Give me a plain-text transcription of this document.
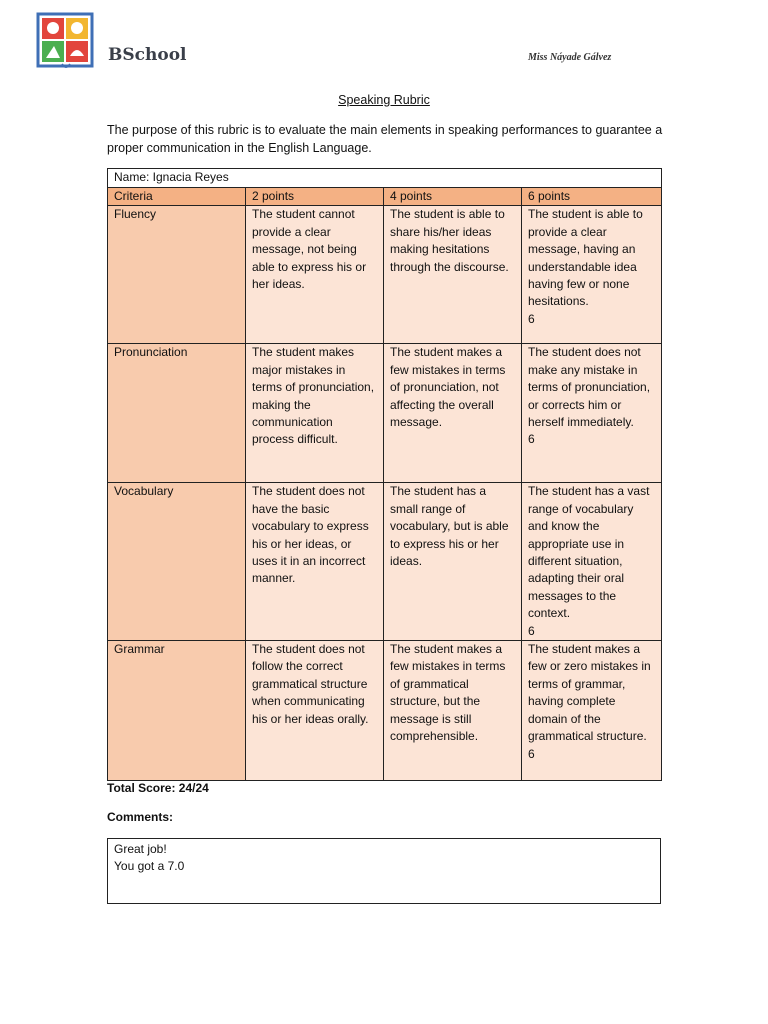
BSchool	Miss Náyade Gálvez
Speaking Rubric
The purpose of this rubric is to evaluate the main elements in speaking performances to guarantee a proper communication in the English Language.
Name: Ignacia Reyes			
Criteria	2 points	4 points	6 points
Fluency	The student cannot provide a clear message, not being able to express his or her ideas.	The student is able to share his/her ideas making hesitations through the discourse.	The student is able to provide a clear message, having an understandable idea having few or none hesitations.
6

Pronunciation	The student makes major mistakes in terms of pronunciation, making the communication process difficult.	The student makes a few mistakes in terms of pronunciation, not affecting the overall message.	The student does not make any mistake in terms of pronunciation, or corrects him or herself immediately.
6

Vocabulary	The student does not have the basic vocabulary to express his or her ideas, or uses it in an incorrect manner.	The student has a small range of vocabulary, but is able to express his or her ideas.	The student has a vast range of vocabulary and know the appropriate use in different situation, adapting their oral messages to the context.
6

Grammar	The student does not follow the correct grammatical structure when communicating his or her ideas orally.	The student makes a few mistakes in terms of grammatical structure, but the message is still comprehensible.	The student makes a few or zero mistakes in terms of grammar, having complete domain of the grammatical structure.
6
Total Score: 24/24
Comments:
Great job!
You got a 7.0
